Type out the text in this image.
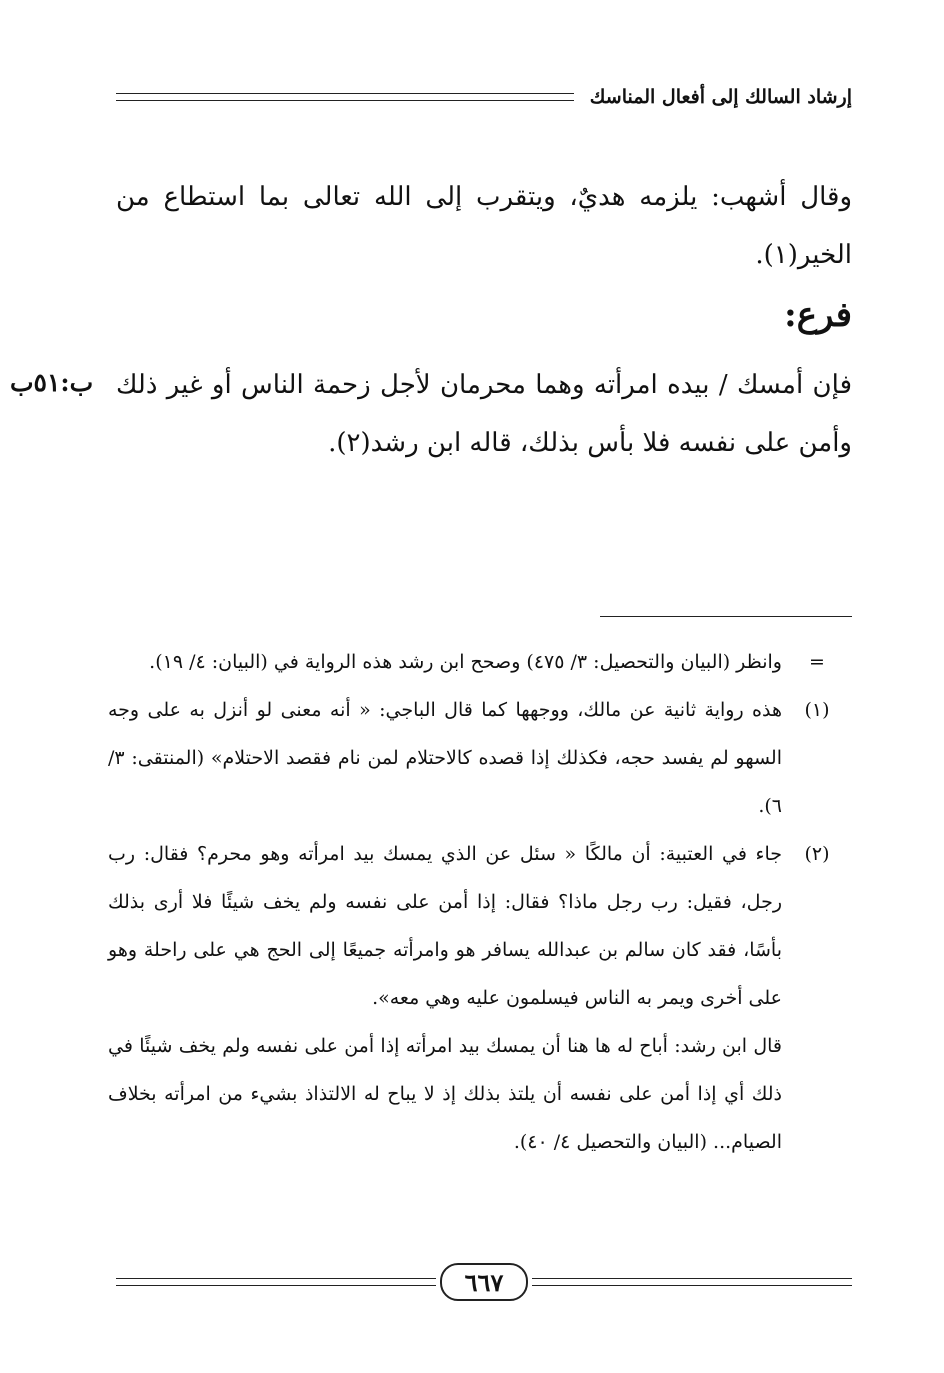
إرشاد السالك إلى أفعال المناسك

وقال أشهب: يلزمه هديٌ، ويتقرب إلى الله تعالى بما استطاع من الخير(١).

فرع:

فإن أمسك / بيده امرأته وهما محرمان لأجل زحمة الناس أو غير ذلك وأمن على نفسه فلا بأس بذلك، قاله ابن رشد(٢).

ب:٥١ب
=
وانظر (البيان والتحصيل: ٣/ ٤٧٥) وصحح ابن رشد هذه الرواية في (البيان: ٤/ ١٩).
(١)
هذه رواية ثانية عن مالك، ووجهها كما قال الباجي: « أنه معنى لو أنزل به على وجه السهو لم يفسد حجه، فكذلك إذا قصده كالاحتلام لمن نام فقصد الاحتلام» (المنتقى: ٣/ ٦).
(٢)
جاء في العتبية: أن مالكًا « سئل عن الذي يمسك بيد امرأته وهو محرم؟ فقال: رب رجل، فقيل: رب رجل ماذا؟ فقال: إذا أمن على نفسه ولم يخف شيئًا فلا أرى بذلك بأسًا، فقد كان سالم بن عبدالله يسافر هو وامرأته جميعًا إلى الحج هي على راحلة وهو على أخرى ويمر به الناس فيسلمون عليه وهي معه».
قال ابن رشد: أباح له ها هنا أن يمسك بيد امرأته إذا أمن على نفسه ولم يخف شيئًا في ذلك أي إذا أمن على نفسه أن يلتذ بذلك إذ لا يباح له الالتذاذ بشيء من امرأته بخلاف الصيام... (البيان والتحصيل ٤/ ٤٠).
٦٦٧
